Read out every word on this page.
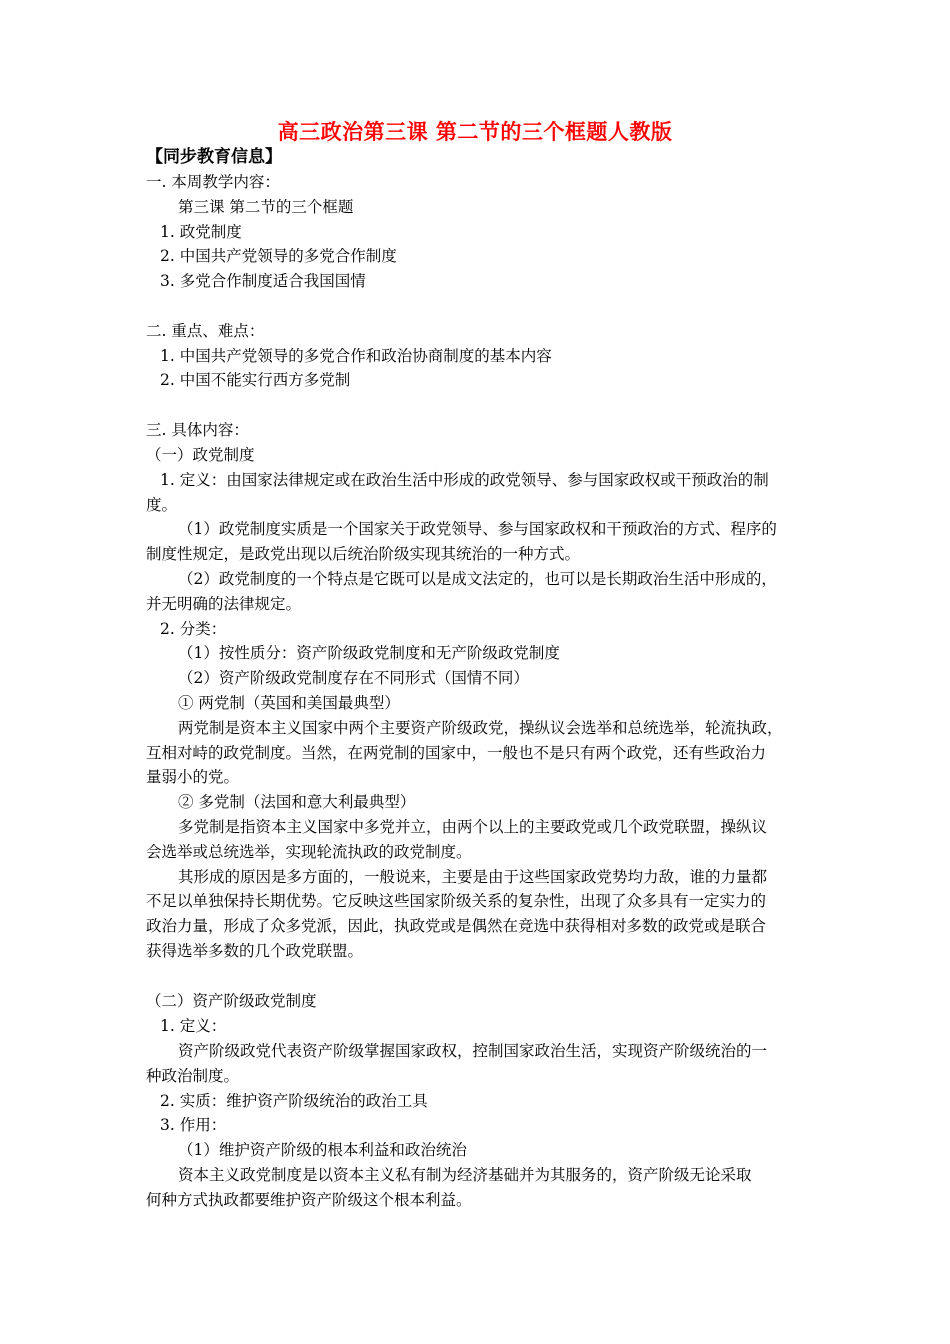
高三政治第三课 第二节的三个框题人教版
【同步教育信息】
一. 本周教学内容：
第三课 第二节的三个框题
1. 政党制度
2. 中国共产党领导的多党合作制度
3. 多党合作制度适合我国国情
二. 重点、难点：
1. 中国共产党领导的多党合作和政治协商制度的基本内容
2. 中国不能实行西方多党制
三. 具体内容：
（一）政党制度
1. 定义：由国家法律规定或在政治生活中形成的政党领导、参与国家政权或干预政治的制
度。
（1）政党制度实质是一个国家关于政党领导、参与国家政权和干预政治的方式、程序的
制度性规定，是政党出现以后统治阶级实现其统治的一种方式。
（2）政党制度的一个特点是它既可以是成文法定的，也可以是长期政治生活中形成的，
并无明确的法律规定。
2. 分类：
（1）按性质分：资产阶级政党制度和无产阶级政党制度
（2）资产阶级政党制度存在不同形式（国情不同）
① 两党制（英国和美国最典型）
两党制是资本主义国家中两个主要资产阶级政党，操纵议会选举和总统选举，轮流执政，
互相对峙的政党制度。当然，在两党制的国家中，一般也不是只有两个政党，还有些政治力
量弱小的党。
② 多党制（法国和意大利最典型）
多党制是指资本主义国家中多党并立，由两个以上的主要政党或几个政党联盟，操纵议
会选举或总统选举，实现轮流执政的政党制度。
其形成的原因是多方面的，一般说来，主要是由于这些国家政党势均力敌，谁的力量都
不足以单独保持长期优势。它反映这些国家阶级关系的复杂性，出现了众多具有一定实力的
政治力量，形成了众多党派，因此，执政党或是偶然在竞选中获得相对多数的政党或是联合
获得选举多数的几个政党联盟。
（二）资产阶级政党制度
1. 定义：
资产阶级政党代表资产阶级掌握国家政权，控制国家政治生活，实现资产阶级统治的一
种政治制度。
2. 实质：维护资产阶级统治的政治工具
3. 作用：
（1）维护资产阶级的根本利益和政治统治
资本主义政党制度是以资本主义私有制为经济基础并为其服务的，资产阶级无论采取
何种方式执政都要维护资产阶级这个根本利益。
